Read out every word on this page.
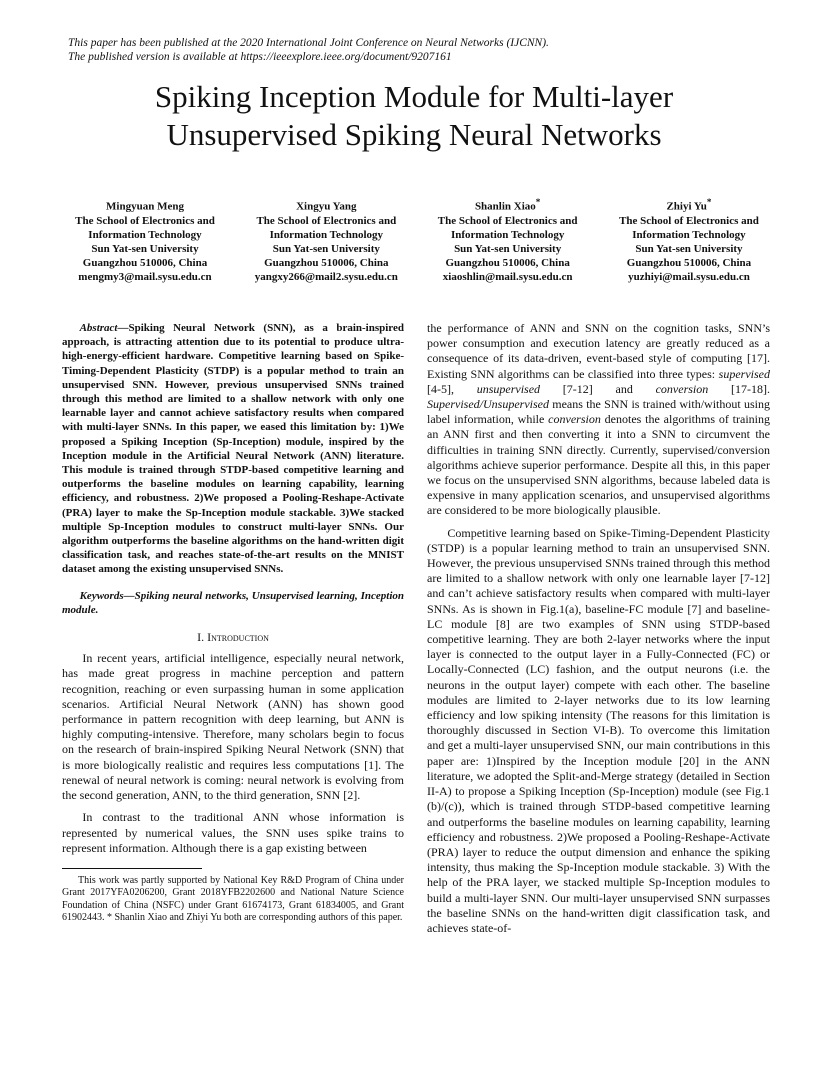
This paper has been published at the 2020 International Joint Conference on Neural Networks (IJCNN).
The published version is available at https://ieeexplore.ieee.org/document/9207161
Spiking Inception Module for Multi-layer
Unsupervised Spiking Neural Networks
Mingyuan Meng
The School of Electronics and
Information Technology
Sun Yat-sen University
Guangzhou 510006, China
mengmy3@mail.sysu.edu.cn
Xingyu Yang
The School of Electronics and
Information Technology
Sun Yat-sen University
Guangzhou 510006, China
yangxy266@mail2.sysu.edu.cn
Shanlin Xiao*
The School of Electronics and
Information Technology
Sun Yat-sen University
Guangzhou 510006, China
xiaoshlin@mail.sysu.edu.cn
Zhiyi Yu*
The School of Electronics and
Information Technology
Sun Yat-sen University
Guangzhou 510006, China
yuzhiyi@mail.sysu.edu.cn

Abstract—Spiking Neural Network (SNN), as a brain-inspired approach, is attracting attention due to its potential to produce ultra-high-energy-efficient hardware. Competitive learning based on Spike-Timing-Dependent Plasticity (STDP) is a popular method to train an unsupervised SNN. However, previous unsupervised SNNs trained through this method are limited to a shallow network with only one learnable layer and cannot achieve satisfactory results when compared with multi-layer SNNs. In this paper, we eased this limitation by: 1)We proposed a Spiking Inception (Sp-Inception) module, inspired by the Inception module in the Artificial Neural Network (ANN) literature. This module is trained through STDP-based competitive learning and outperforms the baseline modules on learning capability, learning efficiency, and robustness. 2)We proposed a Pooling-Reshape-Activate (PRA) layer to make the Sp-Inception module stackable. 3)We stacked multiple Sp-Inception modules to construct multi-layer SNNs. Our algorithm outperforms the baseline algorithms on the hand-written digit classification task, and reaches state-of-the-art results on the MNIST dataset among the existing unsupervised SNNs.

Keywords—Spiking neural networks, Unsupervised learning, Inception module.

I. Introduction

In recent years, artificial intelligence, especially neural network, has made great progress in machine perception and pattern recognition, reaching or even surpassing human in some application scenarios. Artificial Neural Network (ANN) has shown good performance in pattern recognition with deep learning, but ANN is highly computing-intensive. Therefore, many scholars begin to focus on the research of brain-inspired Spiking Neural Network (SNN) that is more biologically realistic and requires less computations [1]. The renewal of neural network is coming: neural network is evolving from the second generation, ANN, to the third generation, SNN [2].

In contrast to the traditional ANN whose information is represented by numerical values, the SNN uses spike trains to represent information. Although there is a gap existing between

This work was partly supported by National Key R&D Program of China under Grant 2017YFA0206200, Grant 2018YFB2202600 and National Nature Science Foundation of China (NSFC) under Grant 61674173, Grant 61834005, and Grant 61902443. * Shanlin Xiao and Zhiyi Yu both are corresponding authors of this paper.

the performance of ANN and SNN on the cognition tasks, SNN’s power consumption and execution latency are greatly reduced as a consequence of its data-driven, event-based style of computing [17]. Existing SNN algorithms can be classified into three types: supervised [4-5], unsupervised [7-12] and conversion [17-18]. Supervised/Unsupervised means the SNN is trained with/without using label information, while conversion denotes the algorithms of training an ANN first and then converting it into a SNN to circumvent the difficulties in training SNN directly. Currently, supervised/conversion algorithms achieve superior performance. Despite all this, in this paper we focus on the unsupervised SNN algorithms, because labeled data is expensive in many application scenarios, and unsupervised algorithms are considered to be more biologically plausible.

Competitive learning based on Spike-Timing-Dependent Plasticity (STDP) is a popular learning method to train an unsupervised SNN. However, the previous unsupervised SNNs trained through this method are limited to a shallow network with only one learnable layer [7-12] and can’t achieve satisfactory results when compared with multi-layer SNNs. As is shown in Fig.1(a), baseline-FC module [7] and baseline-LC module [8] are two examples of SNN using STDP-based competitive learning. They are both 2-layer networks where the input layer is connected to the output layer in a Fully-Connected (FC) or Locally-Connected (LC) fashion, and the output neurons (i.e. the neurons in the output layer) compete with each other. The baseline modules are limited to 2-layer networks due to its low learning efficiency and low spiking intensity (The reasons for this limitation is thoroughly discussed in Section VI-B). To overcome this limitation and get a multi-layer unsupervised SNN, our main contributions in this paper are: 1)Inspired by the Inception module [20] in the ANN literature, we adopted the Split-and-Merge strategy (detailed in Section II-A) to propose a Spiking Inception (Sp-Inception) module (see Fig.1 (b)/(c)), which is trained through STDP-based competitive learning and outperforms the baseline modules on learning capability, learning efficiency and robustness. 2)We proposed a Pooling-Reshape-Activate (PRA) layer to reduce the output dimension and enhance the spiking intensity, thus making the Sp-Inception module stackable. 3) With the help of the PRA layer, we stacked multiple Sp-Inception modules to build a multi-layer SNN. Our multi-layer unsupervised SNN surpasses the baseline SNNs on the hand-written digit classification task, and achieves state-of-
